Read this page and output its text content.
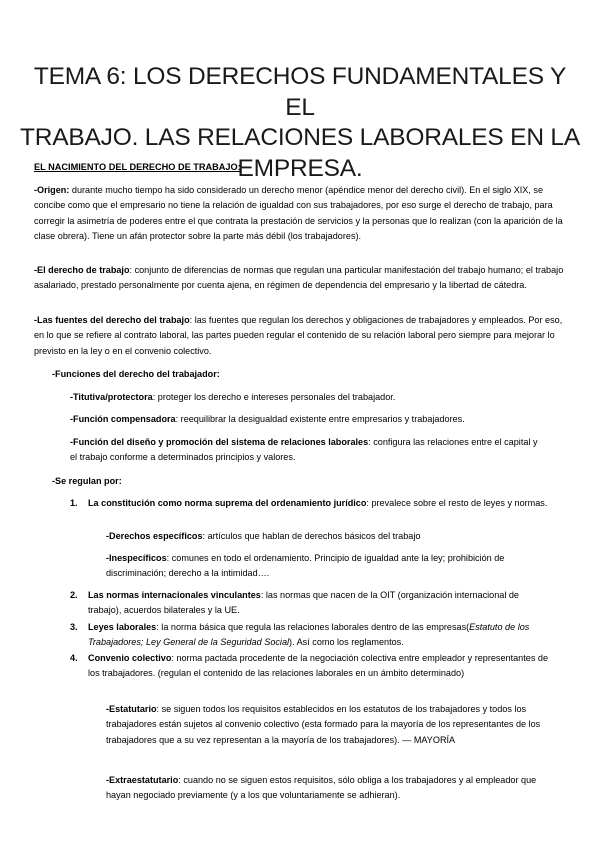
TEMA 6: LOS DERECHOS FUNDAMENTALES Y EL
TRABAJO. LAS RELACIONES LABORALES EN LA
EMPRESA.

EL NACIMIENTO DEL DERECHO DE TRABAJO:

-Origen: durante mucho tiempo ha sido considerado un derecho menor (apéndice menor del derecho civil). En el siglo XIX, se concibe como que el empresario no tiene la relación de igualdad con sus trabajadores, por eso surge el derecho de trabajo, para corregir la asimetría de poderes entre el que contrata la prestación de servicios y la personas que lo realizan (con la aparición de la clase obrera). Tiene un afán protector sobre la parte más débil (los trabajadores).

-El derecho de trabajo: conjunto de diferencias de normas que regulan una particular manifestación del trabajo humano; el trabajo asalariado, prestado personalmente por cuenta ajena, en régimen de dependencia del empresario y la libertad de cátedra.

-Las fuentes del derecho del trabajo: las fuentes que regulan los derechos y obligaciones de trabajadores y empleados. Por eso, en lo que se refiere al contrato laboral, las partes pueden regular el contenido de su relación laboral pero siempre para mejorar lo previsto en la ley o en el convenio colectivo.

-Funciones del derecho del trabajador:

-Titutiva/protectora: proteger los derecho e intereses personales del trabajador.

-Función compensadora: reequilibrar la desigualdad existente entre empresarios y trabajadores.

-Función del diseño y promoción del sistema de relaciones laborales: configura las relaciones entre el capital y el trabajo conforme a determinados principios y valores.

-Se regulan por:

1. La constitución como norma suprema del ordenamiento jurídico: prevalece sobre el resto de leyes y normas.

-Derechos específicos: artículos que hablan de derechos básicos del trabajo

-Inespecíficos: comunes en todo el ordenamiento. Principio de igualdad ante la ley; prohibición de discriminación; derecho a la intimidad….

2. Las normas internacionales vinculantes: las normas que nacen de la OIT (organización internacional de trabajo), acuerdos bilaterales y la UE.

3. Leyes laborales: la norma básica que regula las relaciones laborales dentro de las empresas(Estatuto de los Trabajadores; Ley General de la Seguridad Social). Así como los reglamentos.

4. Convenio colectivo: norma pactada procedente de la negociación colectiva entre empleador y representantes de los trabajadores. (regulan el contenido de las relaciones laborales en un ámbito determinado)

-Estatutario: se siguen todos los requisitos establecidos en los estatutos de los trabajadores y todos los trabajadores están sujetos al convenio colectivo (esta formado para la mayoría de los representantes de los trabajadores que a su vez representan a la mayoría de los trabajadores). — MAYORÍA

-Extraestatutario: cuando no se siguen estos requisitos, sólo obliga a los trabajadores y al empleador que hayan negociado previamente (y a los que voluntariamente se adhieran).
